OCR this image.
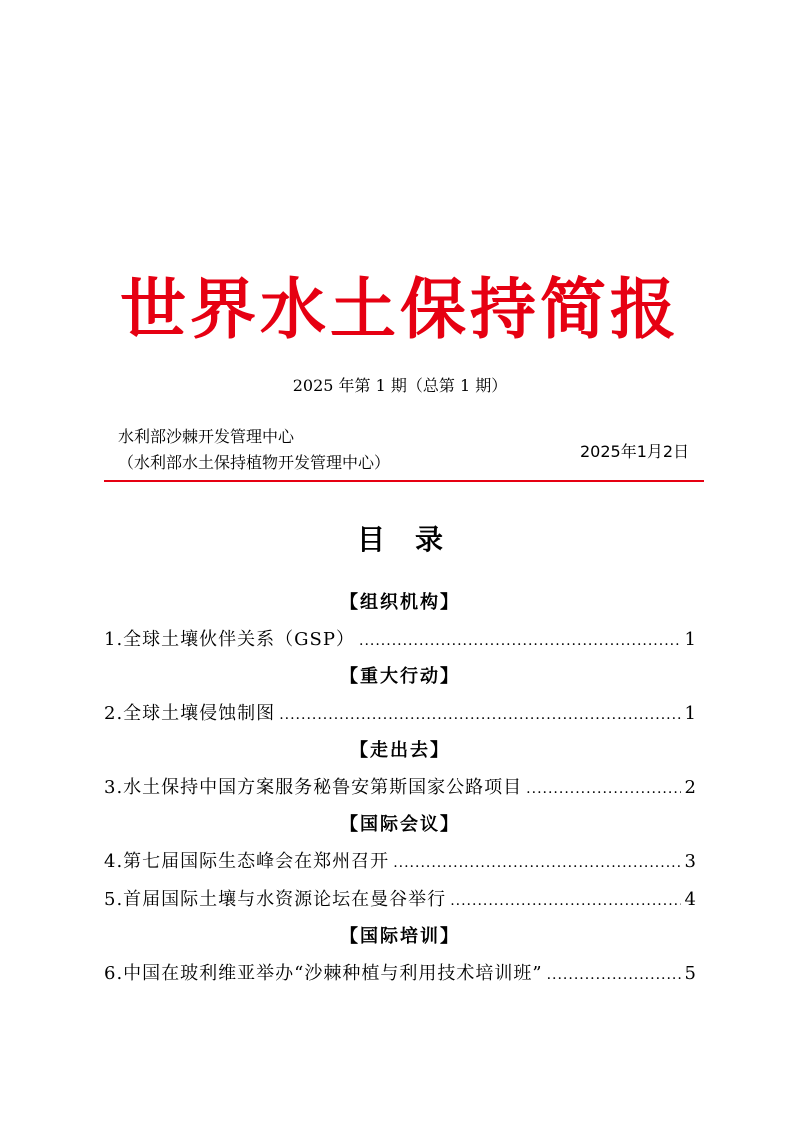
世界水土保持简报
2025 年第 1 期（总第 1 期）
水利部沙棘开发管理中心
（水利部水土保持植物开发管理中心）
2025年1月2日
目录
【组织机构】
1.全球土壤伙伴关系（GSP） .....	1
【重大行动】
2.全球土壤侵蚀制图 .....	1
【走出去】
3.水土保持中国方案服务秘鲁安第斯国家公路项目 .....	2
【国际会议】
4.第七届国际生态峰会在郑州召开 .....	3
5.首届国际土壤与水资源论坛在曼谷举行 .....	4
【国际培训】
6.中国在玻利维亚举办“沙棘种植与利用技术培训班” .....	5
